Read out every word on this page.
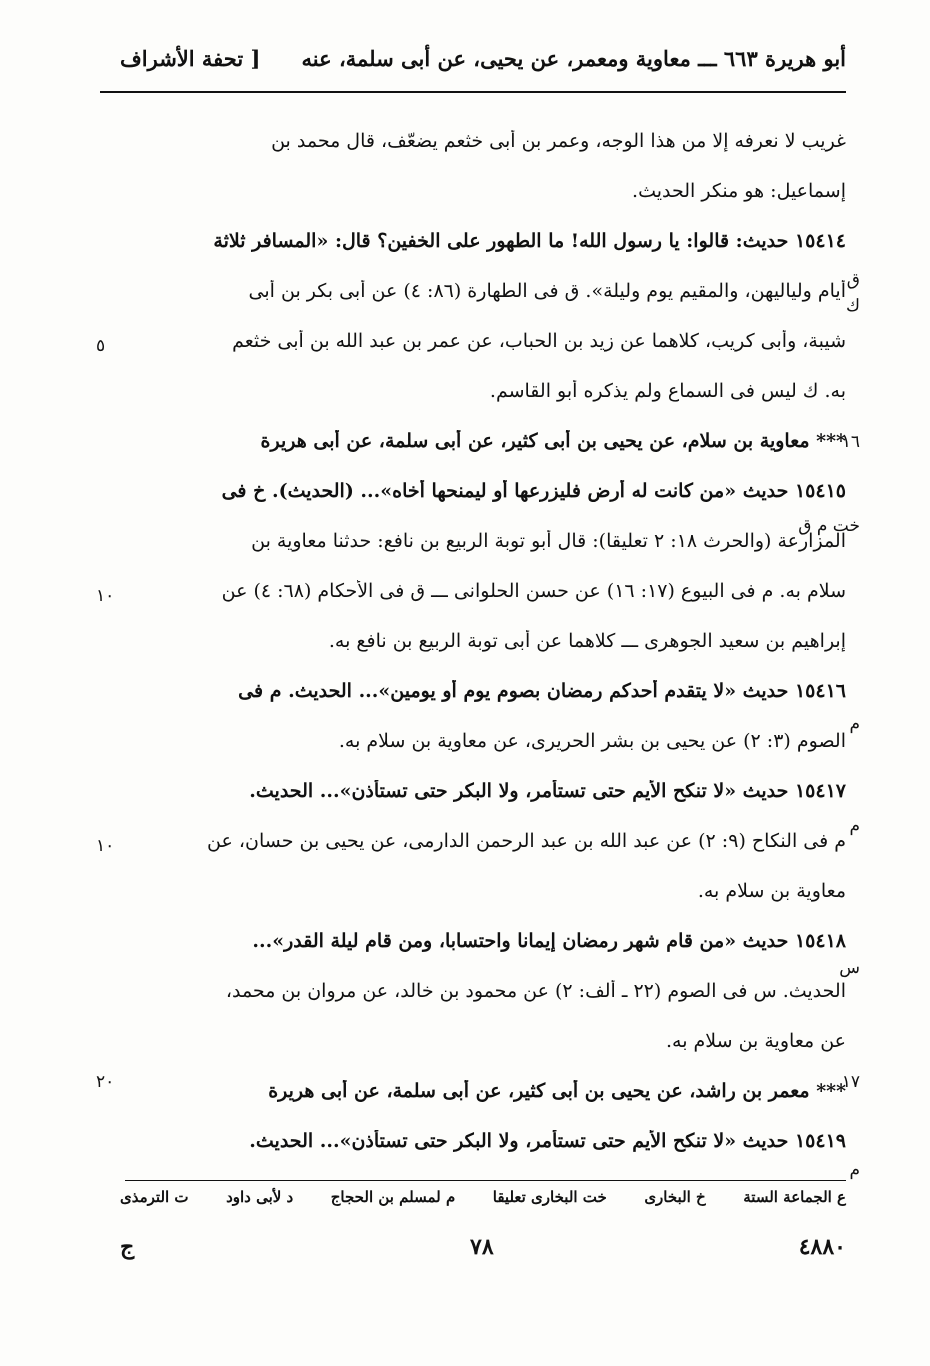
أبو هريرة ٦٦٣ ـــ معاوية ومعمر، عن يحيى، عن أبى سلمة، عنه
[ تحفة الأشراف
غريب لا نعرفه إلا من هذا الوجه، وعمر بن أبى خثعم يضعّف، قال محمد بن
إسماعيل: هو منكر الحديث.
١٥٤١٤ حديث: قالوا: يا رسول الله! ما الطهور على الخفين؟ قال: «المسافر ثلاثة
أيام ولياليهن، والمقيم يوم وليلة». ق فى الطهارة (٨٦: ٤) عن أبى بكر بن أبى
شيبة، وأبى كريب، كلاهما عن زيد بن الحباب، عن عمر بن عبد الله بن أبى خثعم
به. ك ليس فى السماع ولم يذكره أبو القاسم.
*** معاوية بن سلام، عن يحيى بن أبى كثير، عن أبى سلمة، عن أبى هريرة
١٥٤١٥ حديث «من كانت له أرض فليزرعها أو ليمنحها أخاه»... (الحديث). خ فى
المزارعة (والحرث ١٨: ٢ تعليقا): قال أبو توبة الربيع بن نافع: حدثنا معاوية بن
سلام به. م فى البيوع (١٧: ١٦) عن حسن الحلوانى ـــ ق فى الأحكام (٦٨: ٤) عن
إبراهيم بن سعيد الجوهرى ـــ كلاهما عن أبى توبة الربيع بن نافع به.
١٥٤١٦ حديث «لا يتقدم أحدكم رمضان بصوم يوم أو يومين»... الحديث. م فى
الصوم (٣: ٢) عن يحيى بن بشر الحريرى، عن معاوية بن سلام به.
١٥٤١٧ حديث «لا تنكح الأيم حتى تستأمر، ولا البكر حتى تستأذن»... الحديث.
م فى النكاح (٩: ٢) عن عبد الله بن عبد الرحمن الدارمى، عن يحيى بن حسان، عن
معاوية بن سلام به.
١٥٤١٨ حديث «من قام شهر رمضان إيمانا واحتسابا، ومن قام ليلة القدر»...
الحديث. س فى الصوم (٢٢ ـ ألف: ٢) عن محمود بن خالد، عن مروان بن محمد،
عن معاوية بن سلام به.
*** معمر بن راشد، عن يحيى بن أبى كثير، عن أبى سلمة، عن أبى هريرة
١٥٤١٩ حديث «لا تنكح الأيم حتى تستأمر، ولا البكر حتى تستأذن»... الحديث.
٥
١٠
١٠
٢٠
ق
ك
١٦
خت م ق
م
م
م
س
١٧
ع الجماعة الستة
خ البخارى
خت البخارى تعليقا
م لمسلم بن الحجاج
د لأبى داود
ت الترمذى
ج	٧٨	٤٨٨٠
